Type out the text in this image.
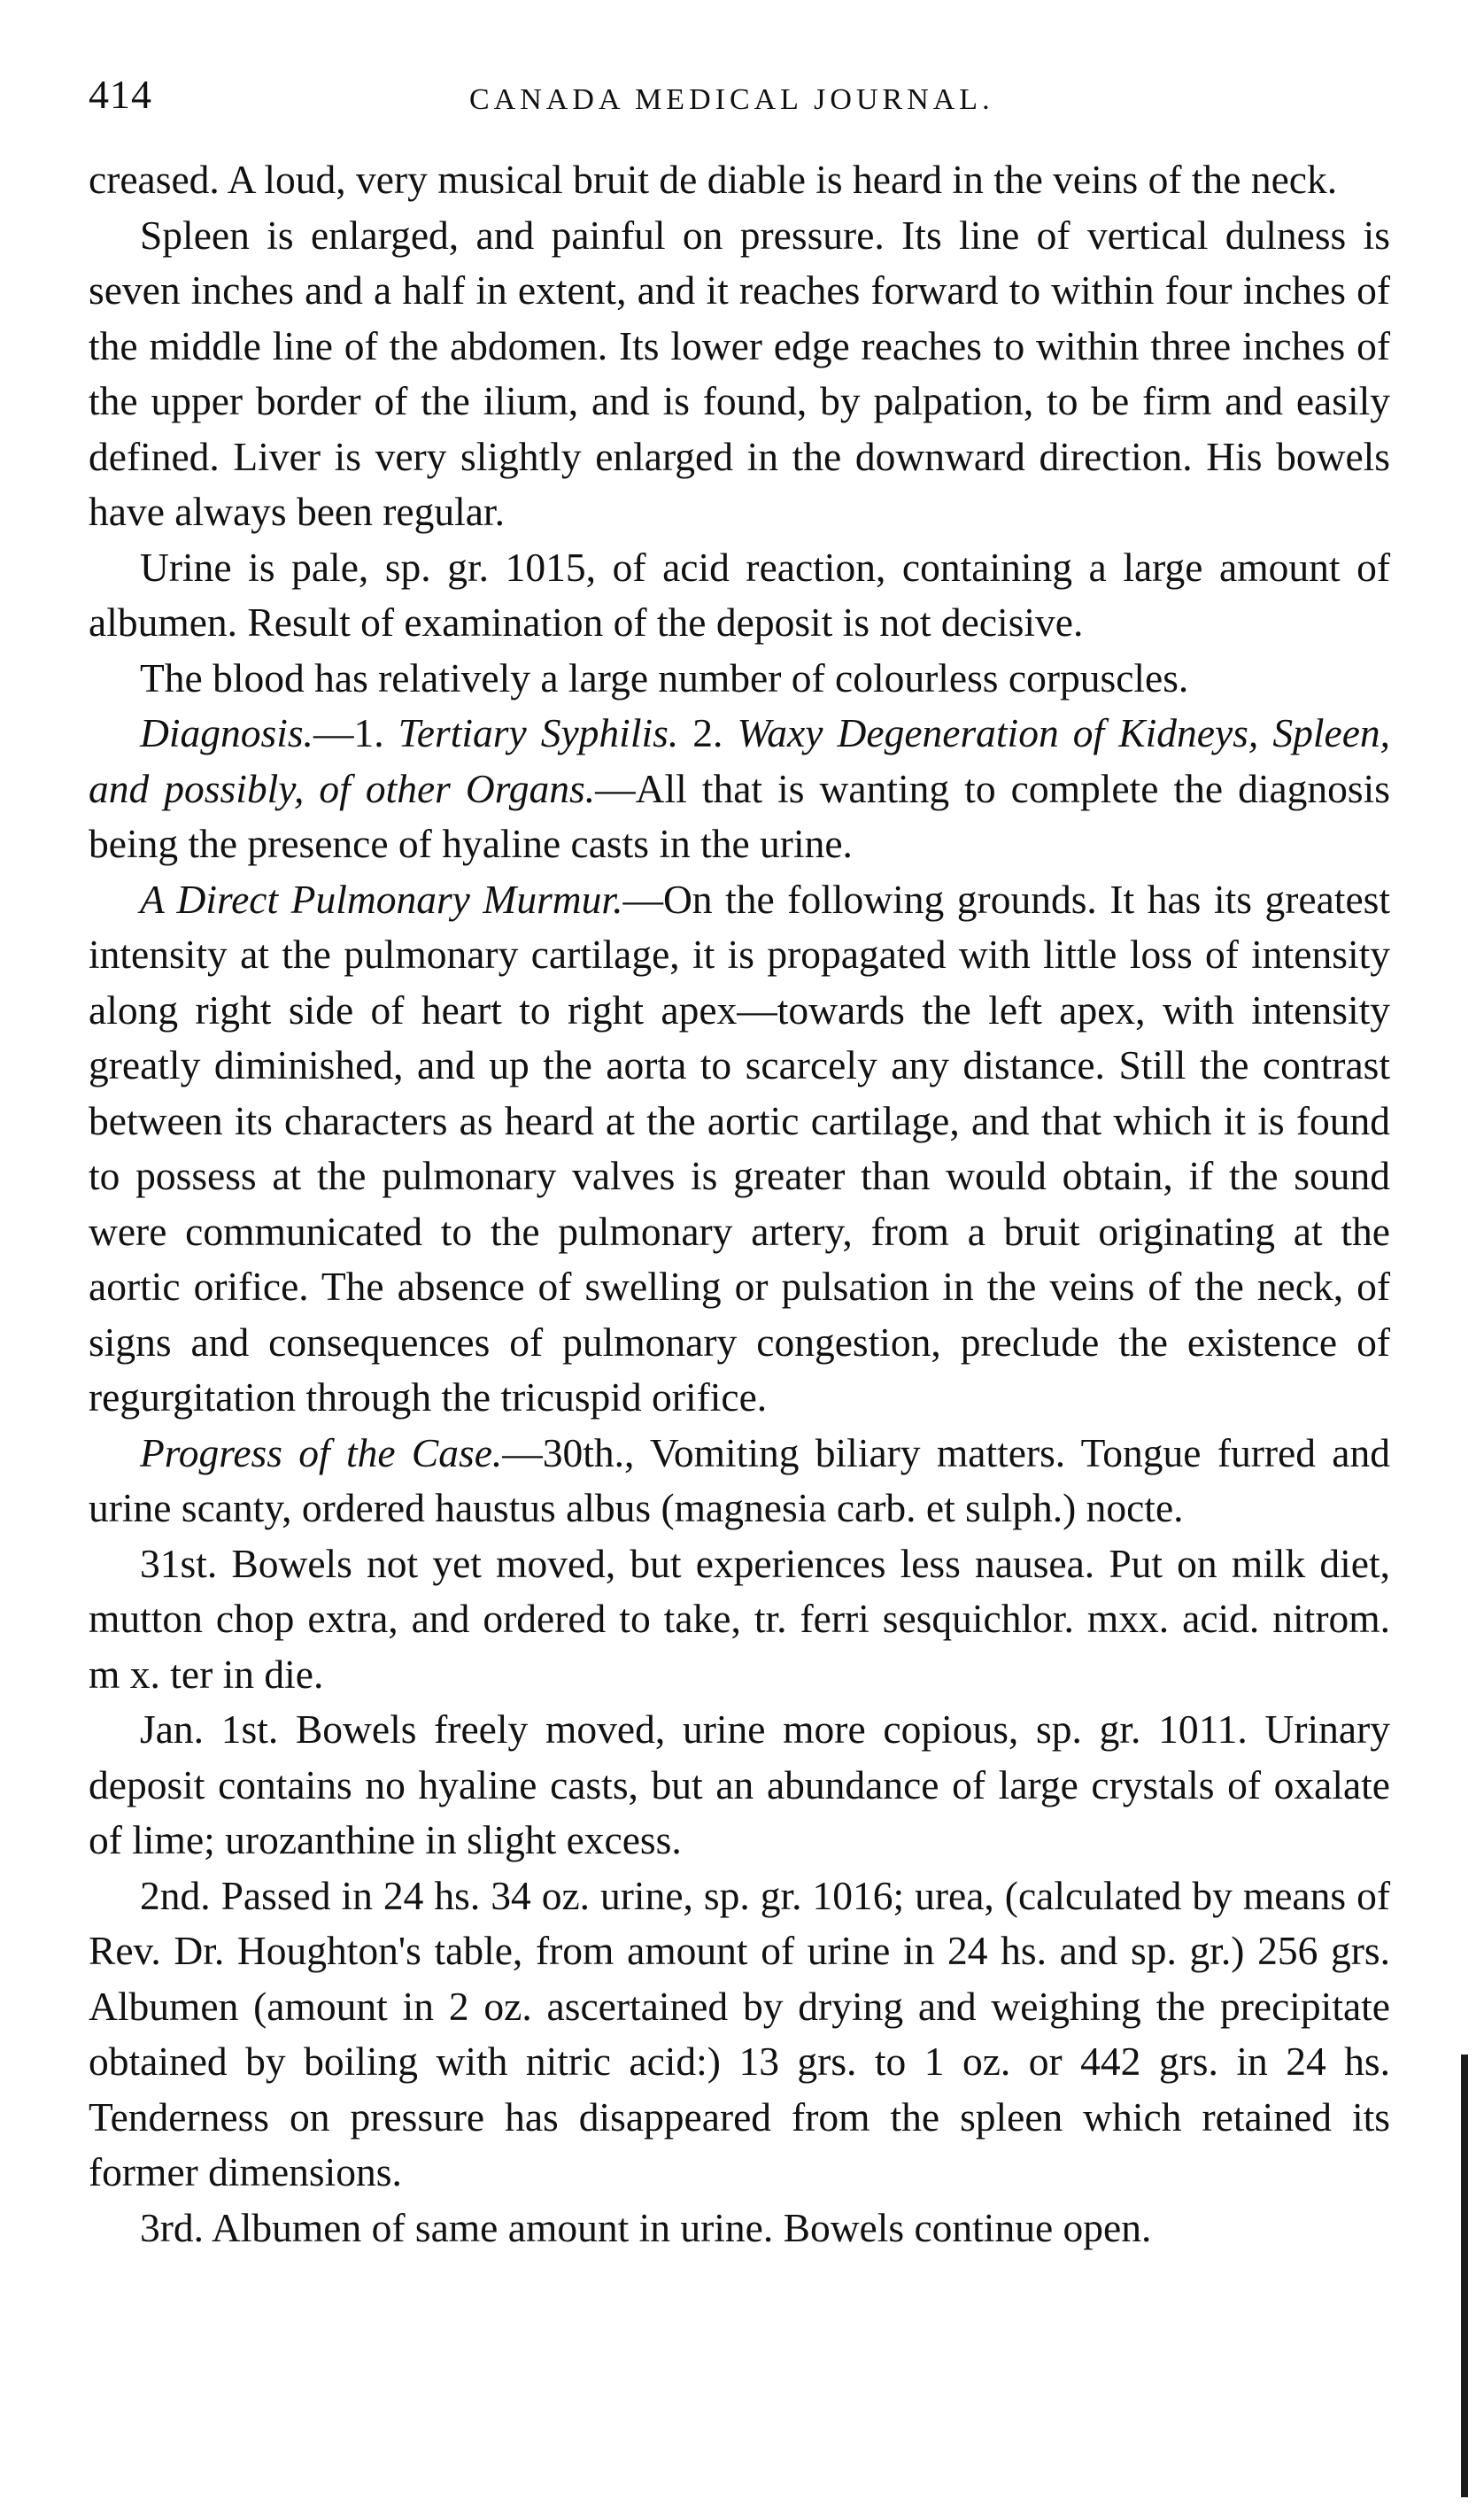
414	CANADA MEDICAL JOURNAL.

creased. A loud, very musical bruit de diable is heard in the veins of the neck.

Spleen is enlarged, and painful on pressure. Its line of vertical dulness is seven inches and a half in extent, and it reaches forward to within four inches of the middle line of the abdomen. Its lower edge reaches to within three inches of the upper border of the ilium, and is found, by palpation, to be firm and easily defined. Liver is very slightly enlarged in the downward direction. His bowels have always been regular.

Urine is pale, sp. gr. 1015, of acid reaction, containing a large amount of albumen. Result of examination of the deposit is not decisive.

The blood has relatively a large number of colourless corpuscles.

Diagnosis.—1. Tertiary Syphilis. 2. Waxy Degeneration of Kidneys, Spleen, and possibly, of other Organs.—All that is wanting to complete the diagnosis being the presence of hyaline casts in the urine.

A Direct Pulmonary Murmur.—On the following grounds. It has its greatest intensity at the pulmonary cartilage, it is propagated with little loss of intensity along right side of heart to right apex—towards the left apex, with intensity greatly diminished, and up the aorta to scarcely any distance. Still the contrast between its characters as heard at the aortic cartilage, and that which it is found to possess at the pulmonary valves is greater than would obtain, if the sound were communicated to the pulmonary artery, from a bruit originating at the aortic orifice. The absence of swelling or pulsation in the veins of the neck, of signs and consequences of pulmonary congestion, preclude the existence of regurgitation through the tricuspid orifice.

Progress of the Case.—30th., Vomiting biliary matters. Tongue furred and urine scanty, ordered haustus albus (magnesia carb. et sulph.) nocte.

31st. Bowels not yet moved, but experiences less nausea. Put on milk diet, mutton chop extra, and ordered to take, tr. ferri sesquichlor. mxx. acid. nitrom. m x. ter in die.

Jan. 1st. Bowels freely moved, urine more copious, sp. gr. 1011. Urinary deposit contains no hyaline casts, but an abundance of large crystals of oxalate of lime; urozanthine in slight excess.

2nd. Passed in 24 hs. 34 oz. urine, sp. gr. 1016; urea, (calculated by means of Rev. Dr. Houghton's table, from amount of urine in 24 hs. and sp. gr.) 256 grs. Albumen (amount in 2 oz. ascertained by drying and weighing the precipitate obtained by boiling with nitric acid:) 13 grs. to 1 oz. or 442 grs. in 24 hs. Tenderness on pressure has disappeared from the spleen which retained its former dimensions.

3rd. Albumen of same amount in urine. Bowels continue open.
